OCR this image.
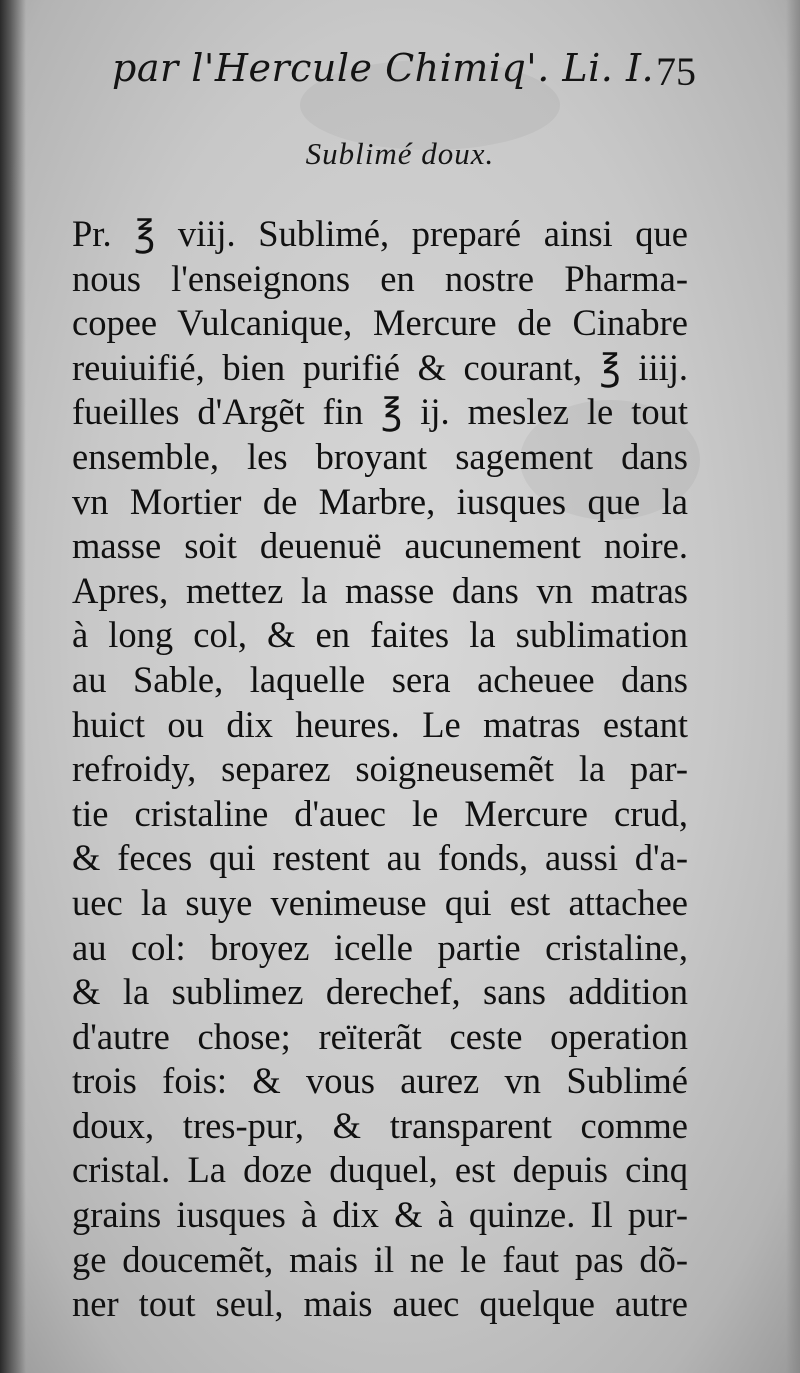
par l'Hercule Chimiq'. Li. I. 75
Sublimé doux.
Pr. ℥ viij. Sublimé, preparé ainsi que
nous l'enseignons en nostre Pharma-
copee Vulcanique, Mercure de Cinabre
reuiuifié, bien purifié & courant, ℥ iiij.
fueilles d'Argẽt fin ℥ ij. meslez le tout
ensemble, les broyant sagement dans
vn Mortier de Marbre, iusques que la
masse soit deuenuë aucunement noire.
Apres, mettez la masse dans vn matras
à long col, & en faites la sublimation
au Sable, laquelle sera acheuee dans
huict ou dix heures. Le matras estant
refroidy, separez soigneusemẽt la par-
tie cristaline d'auec le Mercure crud,
& feces qui restent au fonds, aussi d'a-
uec la suye venimeuse qui est attachee
au col: broyez icelle partie cristaline,
& la sublimez derechef, sans addition
d'autre chose; reïterãt ceste operation
trois fois: & vous aurez vn Sublimé
doux, tres-pur, & transparent comme
cristal. La doze duquel, est depuis cinq
grains iusques à dix & à quinze. Il pur-
ge doucemẽt, mais il ne le faut pas dõ-
ner tout seul, mais auec quelque autre
